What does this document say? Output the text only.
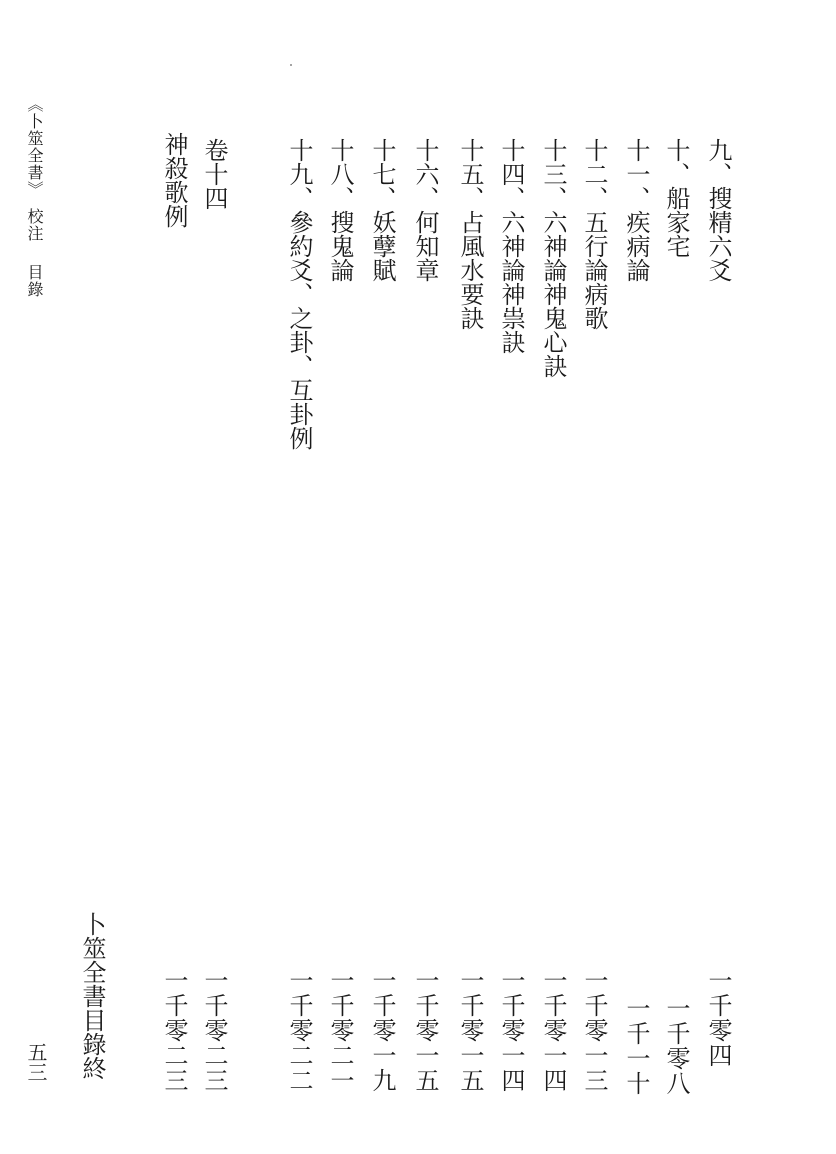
《卜筮全書》校注目錄	九、搜精六爻
十、船家宅
十一、疾病論
十二、五行論病歌
十三、六神論神鬼心訣
十四、六神論神祟訣
十五、占風水要訣
十六、何知章
十七、妖孽賦
十八、搜鬼論
十九、參約爻、之卦、互卦例
卷十四
神殺歌例
一千零四
一千零八
一千一十
一千零一三
一千零一四
一千零一四
一千零一五
一千零一五
一千零一九
一千零二一
一千零二二
一千零二三
一千零二三
卜筮全書目錄終
五三
